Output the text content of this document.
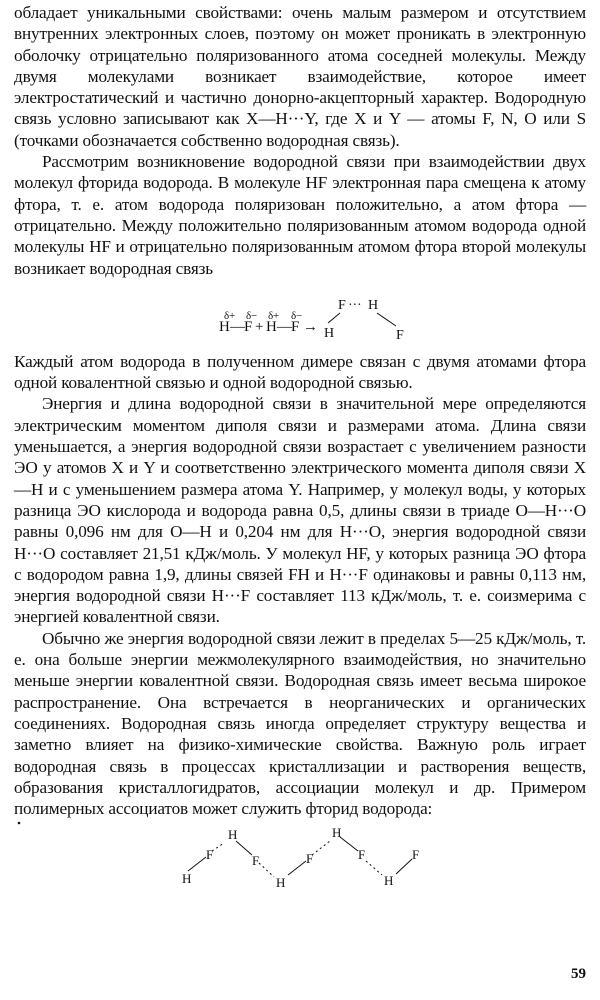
обладает уникальными свойствами: очень малым размером и отсутствием внутренних электронных слоев, поэтому он может проникать в электронную оболочку отрицательно поляризованного атома соседней молекулы. Между двумя молекулами возникает взаимодействие, которое имеет электростатический и частично донорно-акцепторный характер. Водородную связь условно записывают как X—H···Y, где X и Y — атомы F, N, O или S (точками обозначается собственно водородная связь).

Рассмотрим возникновение водородной связи при взаимодействии двух молекул фторида водорода. В молекуле HF электронная пара смещена к атому фтора, т. е. атом водорода поляризован положительно, а атом фтора — отрицательно. Между положительно поляризованным атомом водорода одной молекулы HF и отрицательно поляризованным атомом фтора второй молекулы возникает водородная связь

δ+ δ− δ+ δ−
H — F + H — F →
F ··· H
H	F

Каждый атом водорода в полученном димере связан с двумя атомами фтора одной ковалентной связью и одной водородной связью.

Энергия и длина водородной связи в значительной мере определяются электрическим моментом диполя связи и размерами атома. Длина связи уменьшается, а энергия водородной связи возрастает с увеличением разности ЭО у атомов X и Y и соответственно электрического момента диполя связи X—H и с уменьшением размера атома Y. Например, у молекул воды, у которых разница ЭО кислорода и водорода равна 0,5, длины связи в триаде O—H···O равны 0,096 нм для O—H и 0,204 нм для H···O, энергия водородной связи H···O составляет 21,51 кДж/моль. У молекул HF, у которых разница ЭО фтора с водородом равна 1,9, длины связей FH и H···F одинаковы и равны 0,113 нм, энергия водородной связи H···F составляет 113 кДж/моль, т. е. соизмерима с энергией ковалентной связи.

Обычно же энергия водородной связи лежит в пределах 5—25 кДж/моль, т. е. она больше энергии межмолекулярного взаимодействия, но значительно меньше энергии ковалентной связи. Водородная связь имеет весьма широкое распространение. Она встречается в неорганических и органических соединениях. Водородная связь иногда определяет структуру вещества и заметно влияет на физико-химические свойства. Важную роль играет водородная связь в процессах кристаллизации и растворения веществ, образования кристаллогидратов, ассоциации молекул и др. Примером полимерных ассоциатов может служить фторид водорода:

H
F
H
F
H
F
H
F
H
F
59
